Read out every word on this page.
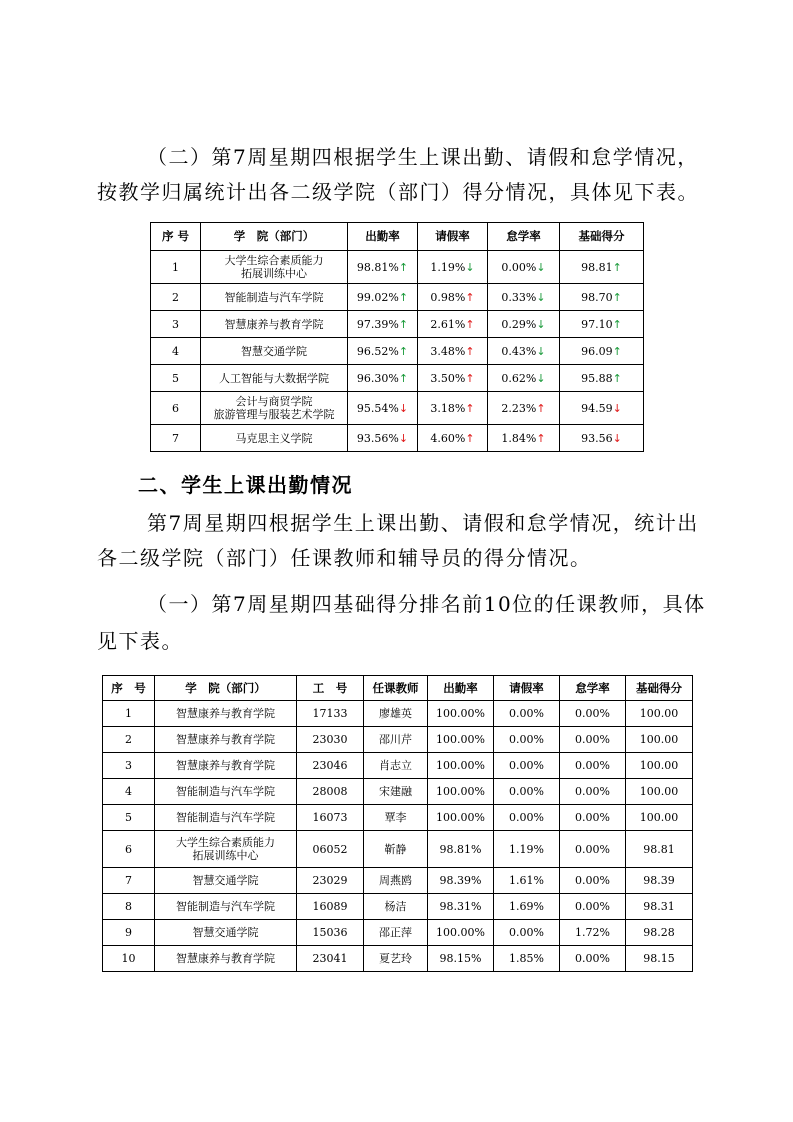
（二）第7周星期四根据学生上课出勤、请假和怠学情况，
按教学归属统计出各二级学院（部门）得分情况，具体见下表。
序 号	学　院（部门）	出勤率	请假率	怠学率	基础得分
1	大学生综合素质能力
拓展训练中心	98.81%↑	1.19%↓	0.00%↓	98.81↑
2	智能制造与汽车学院	99.02%↑	0.98%↑	0.33%↓	98.70↑
3	智慧康养与教育学院	97.39%↑	2.61%↑	0.29%↓	97.10↑
4	智慧交通学院	96.52%↑	3.48%↑	0.43%↓	96.09↑
5	人工智能与大数据学院	96.30%↑	3.50%↑	0.62%↓	95.88↑
6	会计与商贸学院
旅游管理与服装艺术学院	95.54%↓	3.18%↑	2.23%↑	94.59↓
7	马克思主义学院	93.56%↓	4.60%↑	1.84%↑	93.56↓
二、学生上课出勤情况
第7周星期四根据学生上课出勤、请假和怠学情况，统计出
各二级学院（部门）任课教师和辅导员的得分情况。
（一）第7周星期四基础得分排名前10位的任课教师，具体
见下表。
序　号	学　院（部门）	工　号	任课教师	出勤率	请假率	怠学率	基础得分
1	智慧康养与教育学院	17133	廖雄英	100.00%	0.00%	0.00%	100.00
2	智慧康养与教育学院	23030	邵川芹	100.00%	0.00%	0.00%	100.00
3	智慧康养与教育学院	23046	肖志立	100.00%	0.00%	0.00%	100.00
4	智能制造与汽车学院	28008	宋建融	100.00%	0.00%	0.00%	100.00
5	智能制造与汽车学院	16073	覃李	100.00%	0.00%	0.00%	100.00
6	大学生综合素质能力
拓展训练中心	06052	靳静	98.81%	1.19%	0.00%	98.81
7	智慧交通学院	23029	周燕鸥	98.39%	1.61%	0.00%	98.39
8	智能制造与汽车学院	16089	杨洁	98.31%	1.69%	0.00%	98.31
9	智慧交通学院	15036	邵正萍	100.00%	0.00%	1.72%	98.28
10	智慧康养与教育学院	23041	夏艺玲	98.15%	1.85%	0.00%	98.15
